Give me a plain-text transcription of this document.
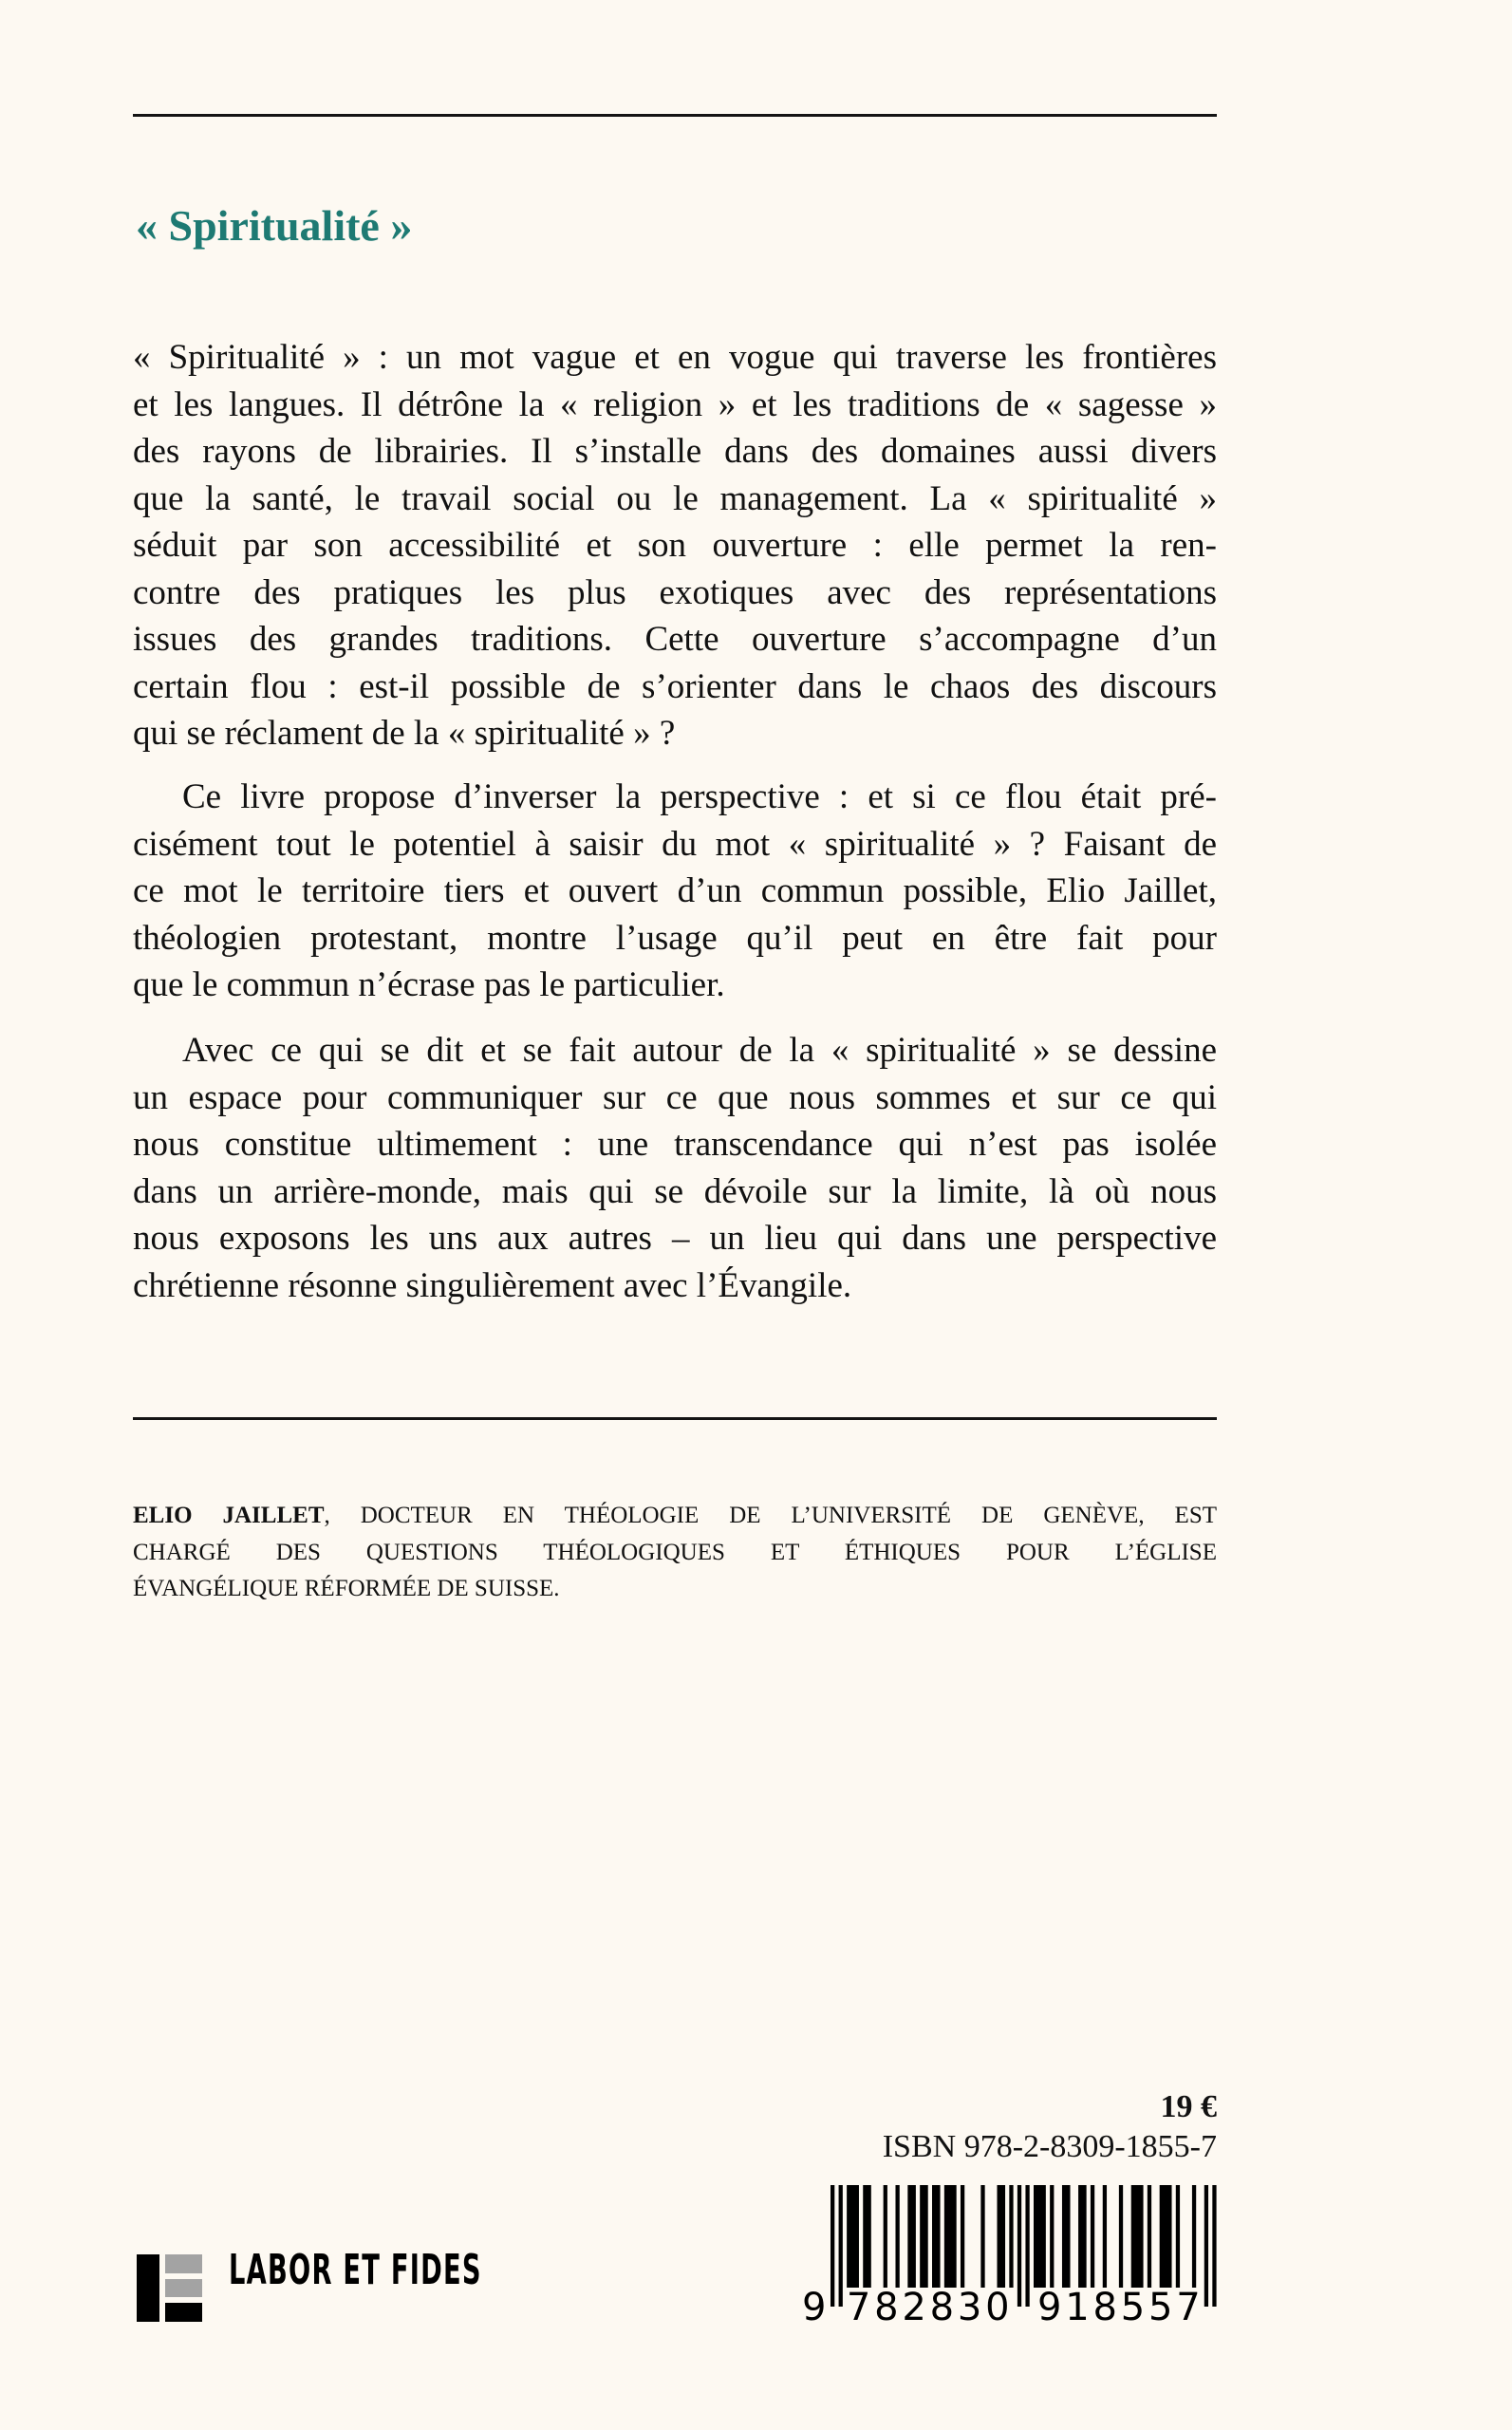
« Spiritualité »
« Spiritualité » : un mot vague et en vogue qui traverse les frontières
et les langues. Il détrône la « religion » et les traditions de « sagesse »
des rayons de librairies. Il s’installe dans des domaines aussi divers
que la santé, le travail social ou le management. La « spiritualité »
séduit par son accessibilité et son ouverture : elle permet la ren-
contre des pratiques les plus exotiques avec des représentations
issues des grandes traditions. Cette ouverture s’accompagne d’un
certain flou : est-il possible de s’orienter dans le chaos des discours
qui se réclament de la « spiritualité » ?
Ce livre propose d’inverser la perspective : et si ce flou était pré-
cisément tout le potentiel à saisir du mot « spiritualité » ? Faisant de
ce mot le territoire tiers et ouvert d’un commun possible, Elio Jaillet,
théologien protestant, montre l’usage qu’il peut en être fait pour
que le commun n’écrase pas le particulier.
Avec ce qui se dit et se fait autour de la « spiritualité » se dessine
un espace pour communiquer sur ce que nous sommes et sur ce qui
nous constitue ultimement : une transcendance qui n’est pas isolée
dans un arrière-monde, mais qui se dévoile sur la limite, là où nous
nous exposons les uns aux autres – un lieu qui dans une perspective
chrétienne résonne singulièrement avec l’Évangile.
ELIO JAILLET, DOCTEUR EN THÉOLOGIE DE L’UNIVERSITÉ DE GENÈVE, EST
CHARGÉ DES QUESTIONS THÉOLOGIQUES ET ÉTHIQUES POUR L’ÉGLISE
ÉVANGÉLIQUE RÉFORMÉE DE SUISSE.
19 €
ISBN 978-2-8309-1855-7
9 782830 918557
LABOR ET FIDES
